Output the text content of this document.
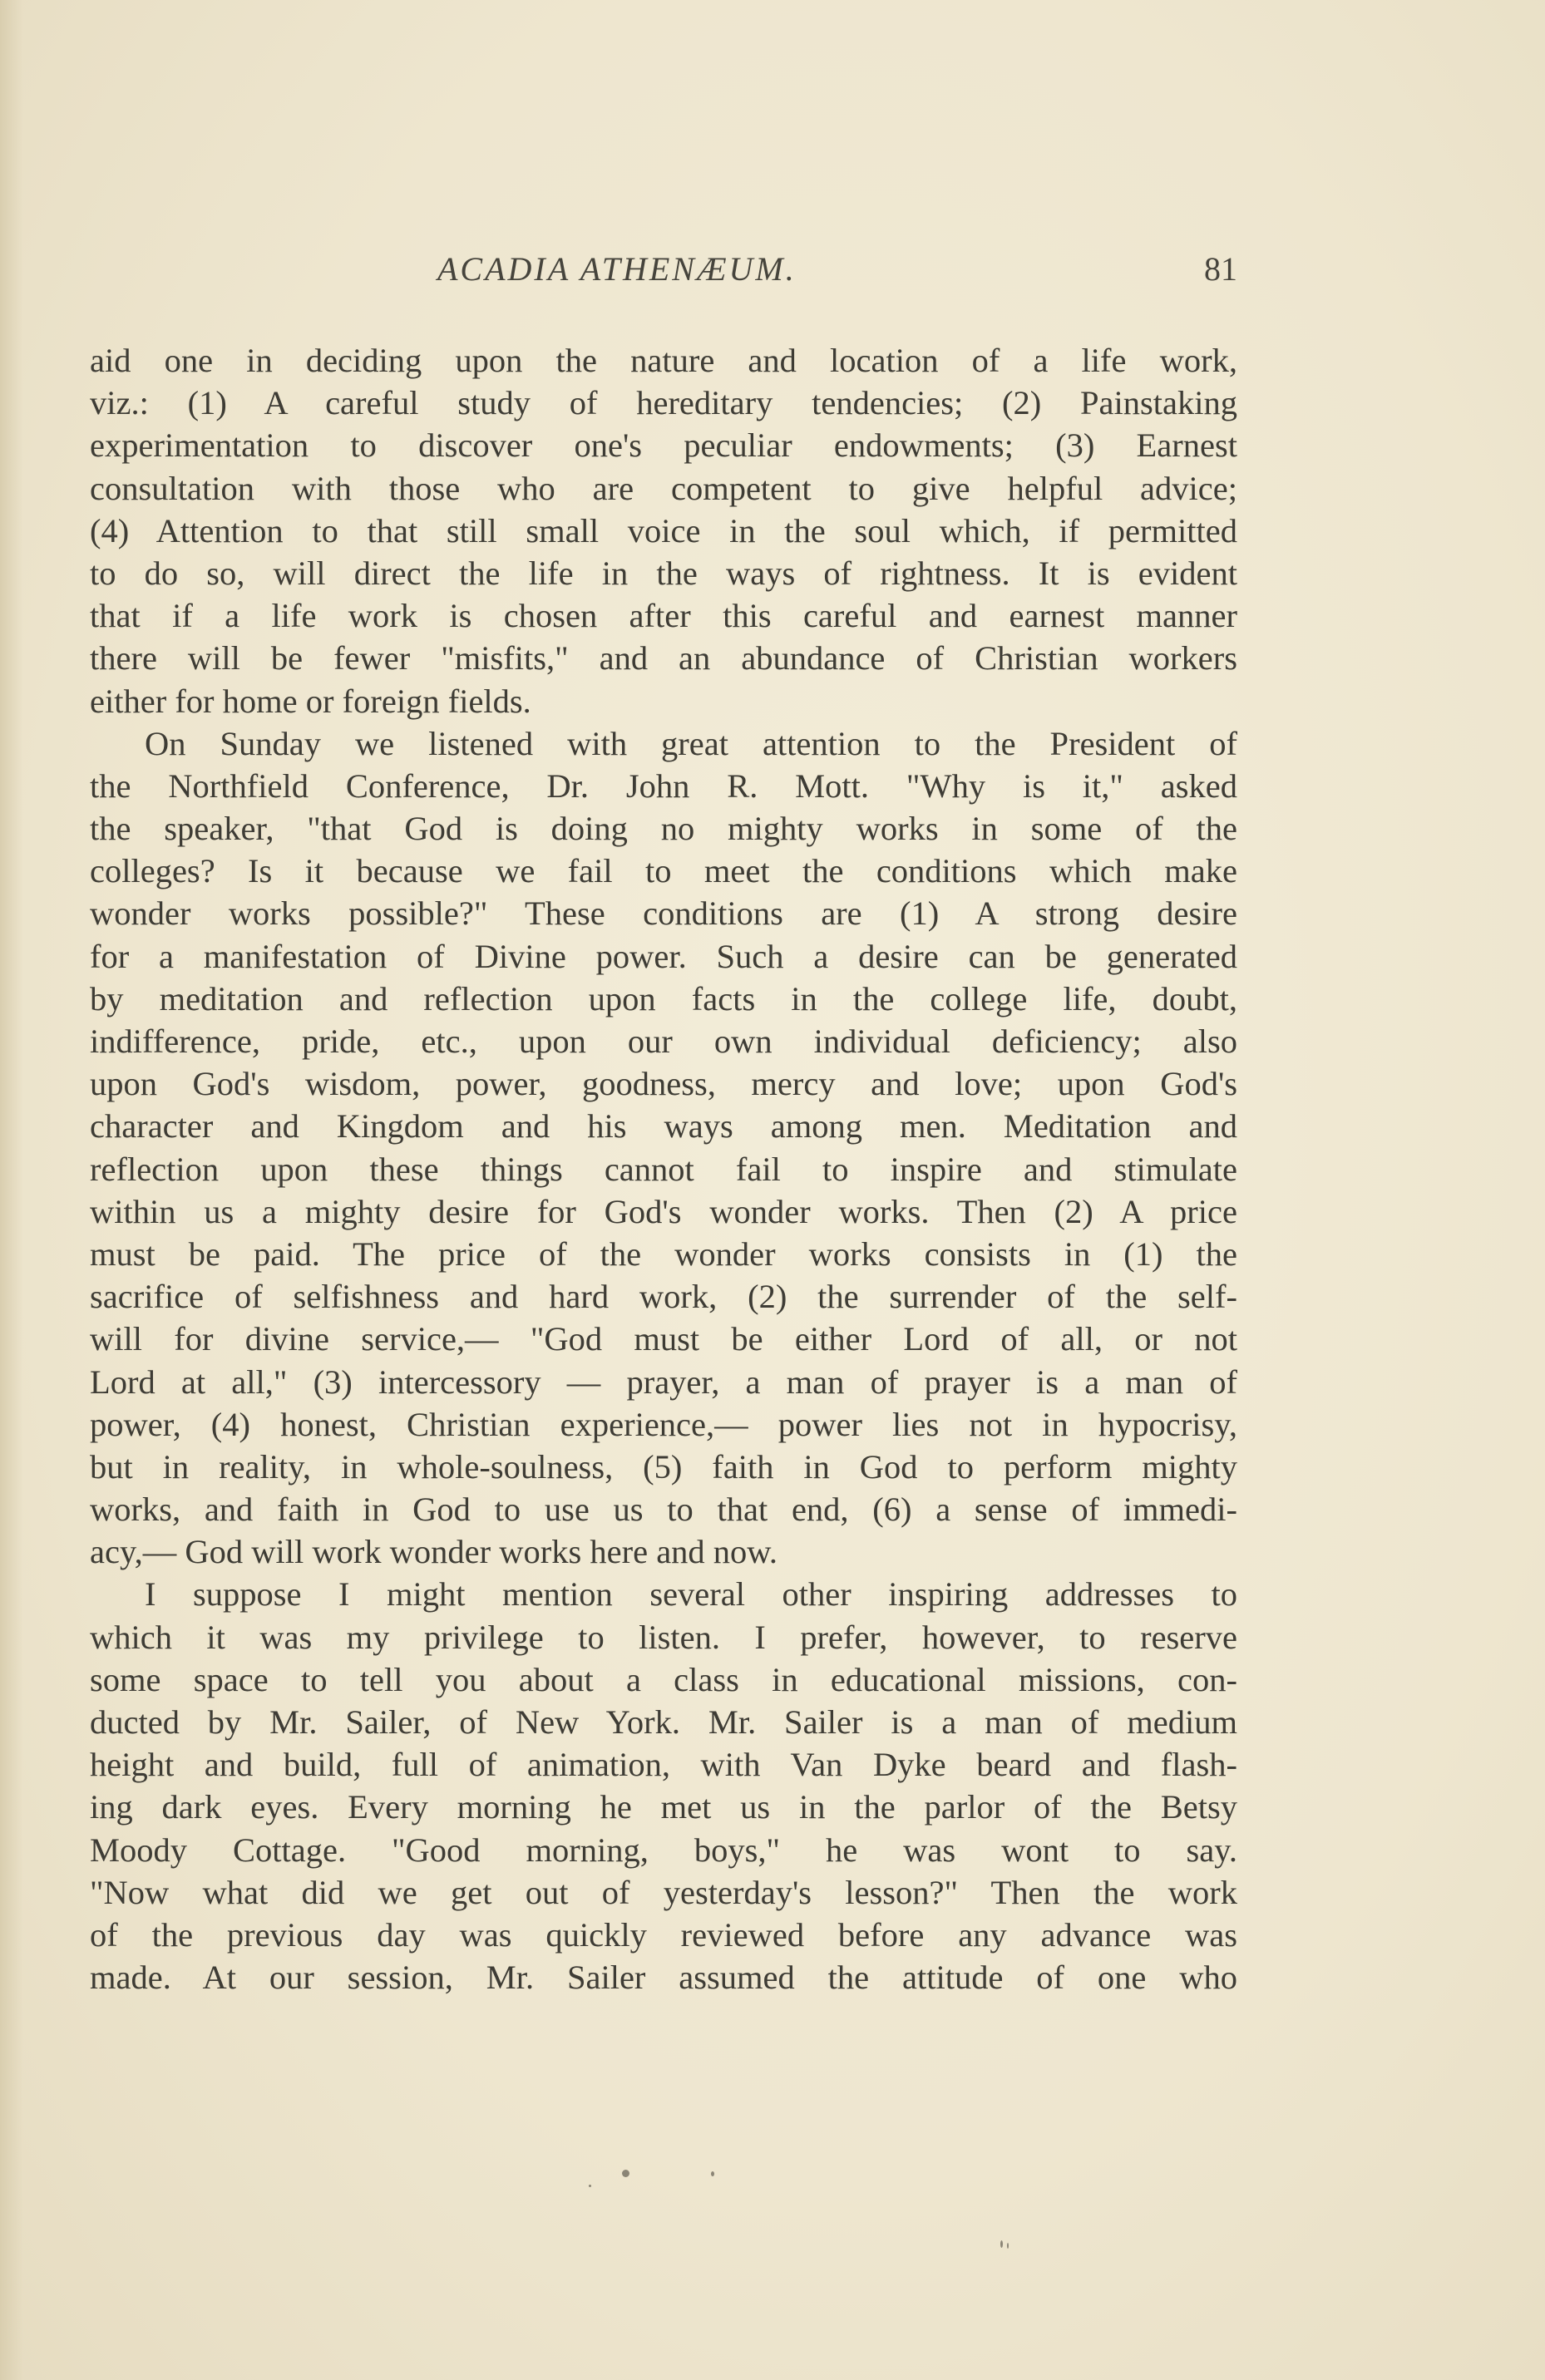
ACADIA ATHENÆUM.	81
aid one in deciding upon the nature and location of a life work,
viz.: (1) A careful study of hereditary tendencies; (2) Painstaking
experimentation to discover one's peculiar endowments; (3) Earnest
consultation with those who are competent to give helpful advice;
(4) Attention to that still small voice in the soul which, if permitted
to do so, will direct the life in the ways of rightness. It is evident
that if a life work is chosen after this careful and earnest manner
there will be fewer "misfits," and an abundance of Christian workers
either for home or foreign fields.
On Sunday we listened with great attention to the President of
the Northfield Conference, Dr. John R. Mott. "Why is it," asked
the speaker, "that God is doing no mighty works in some of the
colleges? Is it because we fail to meet the conditions which make
wonder works possible?" These conditions are (1) A strong desire
for a manifestation of Divine power. Such a desire can be generated
by meditation and reflection upon facts in the college life, doubt,
indifference, pride, etc., upon our own individual deficiency; also
upon God's wisdom, power, goodness, mercy and love; upon God's
character and Kingdom and his ways among men. Meditation and
reflection upon these things cannot fail to inspire and stimulate
within us a mighty desire for God's wonder works. Then (2) A price
must be paid. The price of the wonder works consists in (1) the
sacrifice of selfishness and hard work, (2) the surrender of the self-
will for divine service,— "God must be either Lord of all, or not
Lord at all," (3) intercessory — prayer, a man of prayer is a man of
power, (4) honest, Christian experience,— power lies not in hypocrisy,
but in reality, in whole-soulness, (5) faith in God to perform mighty
works, and faith in God to use us to that end, (6) a sense of immedi-
acy,— God will work wonder works here and now.
I suppose I might mention several other inspiring addresses to
which it was my privilege to listen. I prefer, however, to reserve
some space to tell you about a class in educational missions, con-
ducted by Mr. Sailer, of New York. Mr. Sailer is a man of medium
height and build, full of animation, with Van Dyke beard and flash-
ing dark eyes. Every morning he met us in the parlor of the Betsy
Moody Cottage. "Good morning, boys," he was wont to say.
"Now what did we get out of yesterday's lesson?" Then the work
of the previous day was quickly reviewed before any advance was
made. At our session, Mr. Sailer assumed the attitude of one who
